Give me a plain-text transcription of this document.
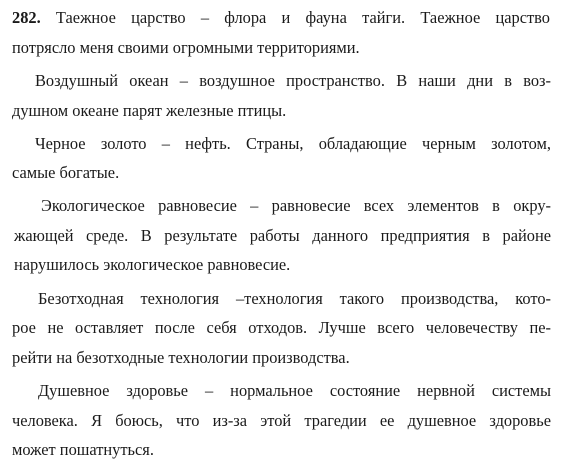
282. Таежное царство – флора и фауна тайги. Таежное царство
потрясло меня своими огромными территориями.
Воздушный океан – воздушное пространство. В наши дни в воз-
душном океане парят железные птицы.
Черное золото – нефть. Страны, обладающие черным золотом,
самые богатые.
Экологическое равновесие – равновесие всех элементов в окру-
жающей среде. В результате работы данного предприятия в районе
нарушилось экологическое равновесие.
Безотходная технология –технология такого производства, кото-
рое не оставляет после себя отходов. Лучше всего человечеству пе-
рейти на безотходные технологии производства.
Душевное здоровье – нормальное состояние нервной системы
человека. Я боюсь, что из-за этой трагедии ее душевное здоровье
может пошатнуться.
